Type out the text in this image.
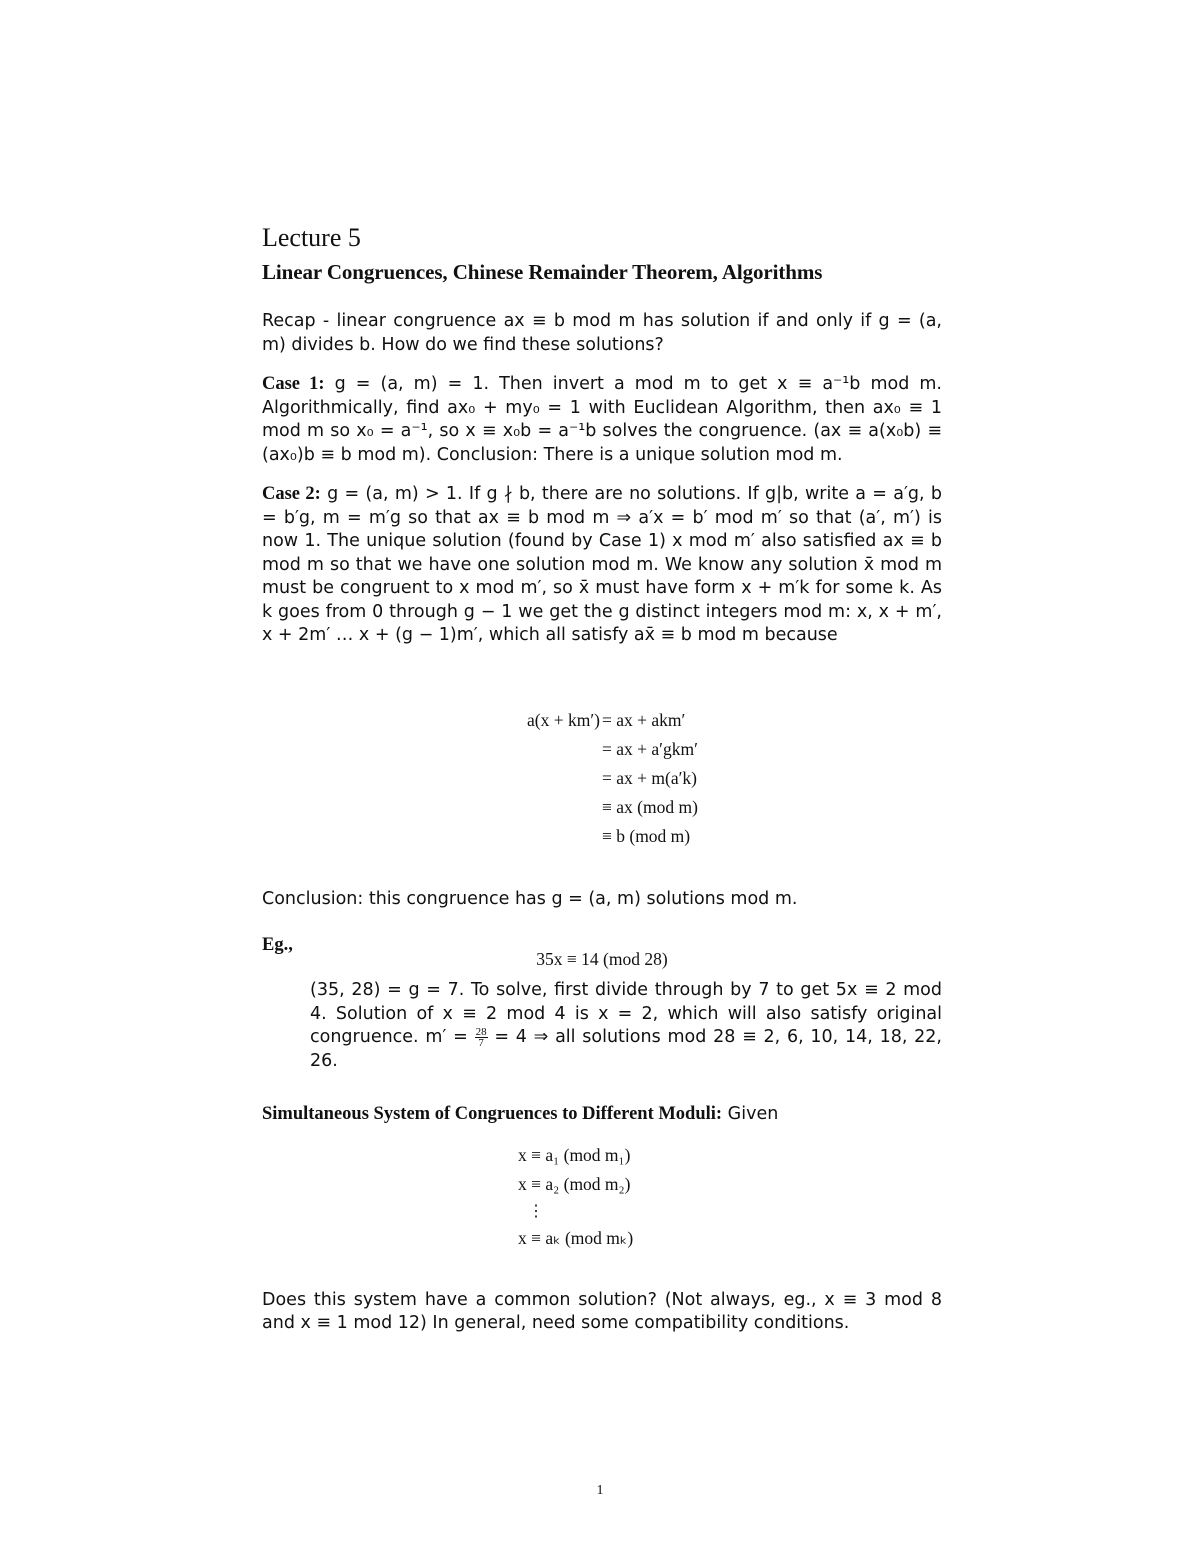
Lecture 5
Linear Congruences, Chinese Remainder Theorem, Algorithms

Recap - linear congruence ax ≡ b mod m has solution if and only if g = (a, m) divides b. How do we find these solutions?

Case 1: g = (a, m) = 1. Then invert a mod m to get x ≡ a⁻¹b mod m. Algorithmically, find ax₀ + my₀ = 1 with Euclidean Algorithm, then ax₀ ≡ 1 mod m so x₀ = a⁻¹, so x ≡ x₀b = a⁻¹b solves the congruence. (ax ≡ a(x₀b) ≡ (ax₀)b ≡ b mod m). Conclusion: There is a unique solution mod m.

Case 2: g = (a, m) > 1. If g ∤ b, there are no solutions. If g|b, write a = a′g, b = b′g, m = m′g so that ax ≡ b mod m ⇒ a′x = b′ mod m′ so that (a′, m′) is now 1. The unique solution (found by Case 1) x mod m′ also satisfied ax ≡ b mod m so that we have one solution mod m. We know any solution x̄ mod m must be congruent to x mod m′, so x̄ must have form x + m′k for some k. As k goes from 0 through g − 1 we get the g distinct integers mod m: x, x + m′, x + 2m′ … x + (g − 1)m′, which all satisfy ax̄ ≡ b mod m because

a(x + km′) = ax + akm′
= ax + a′gkm′
= ax + m(a′k)
≡ ax (mod m)
≡ b (mod m)

Conclusion: this congruence has g = (a, m) solutions mod m.

Eg.,
35x ≡ 14 (mod 28)

(35, 28) = g = 7. To solve, first divide through by 7 to get 5x ≡ 2 mod 4. Solution of x ≡ 2 mod 4 is x = 2, which will also satisfy original congruence. $m' = \frac{28}{7} = 4$ ⇒ all solutions mod 28 ≡ 2, 6, 10, 14, 18, 22, 26.

Simultaneous System of Congruences to Different Moduli: Given

x ≡ a₁ (mod m₁)
x ≡ a₂ (mod m₂)
⋮
x ≡ aₖ (mod mₖ)

Does this system have a common solution? (Not always, eg., x ≡ 3 mod 8 and x ≡ 1 mod 12) In general, need some compatibility conditions.

1
